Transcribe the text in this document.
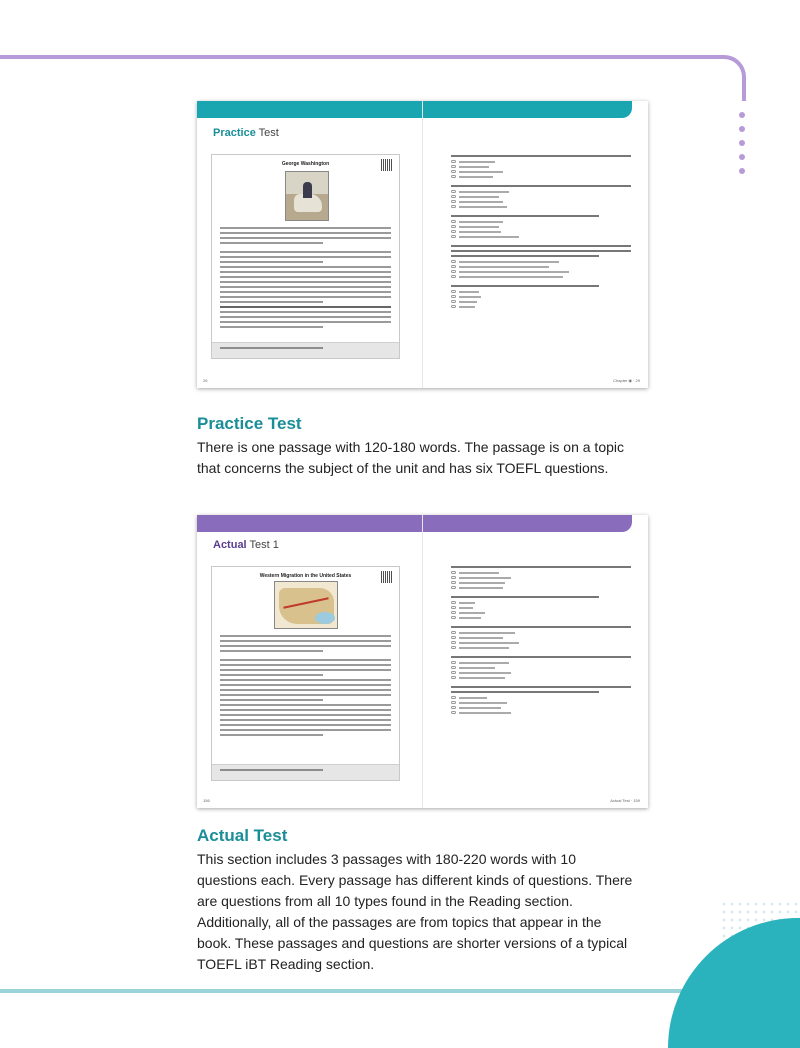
Practice Test
George Washington
26	Chapter ◉ · 29
Practice Test
There is one passage with 120-180 words. The passage is on a topic that concerns the subject of the unit and has six TOEFL questions.
Actual Test 1
Western Migration in the United States
156	Actual Test · 159
Actual Test
This section includes 3 passages with 180-220 words with 10 questions each. Every passage has different kinds of questions. There are questions from all 10 types found in the Reading section. Additionally, all of the passages are from topics that appear in the book. These passages and questions are shorter versions of a typical TOEFL iBT Reading section.
